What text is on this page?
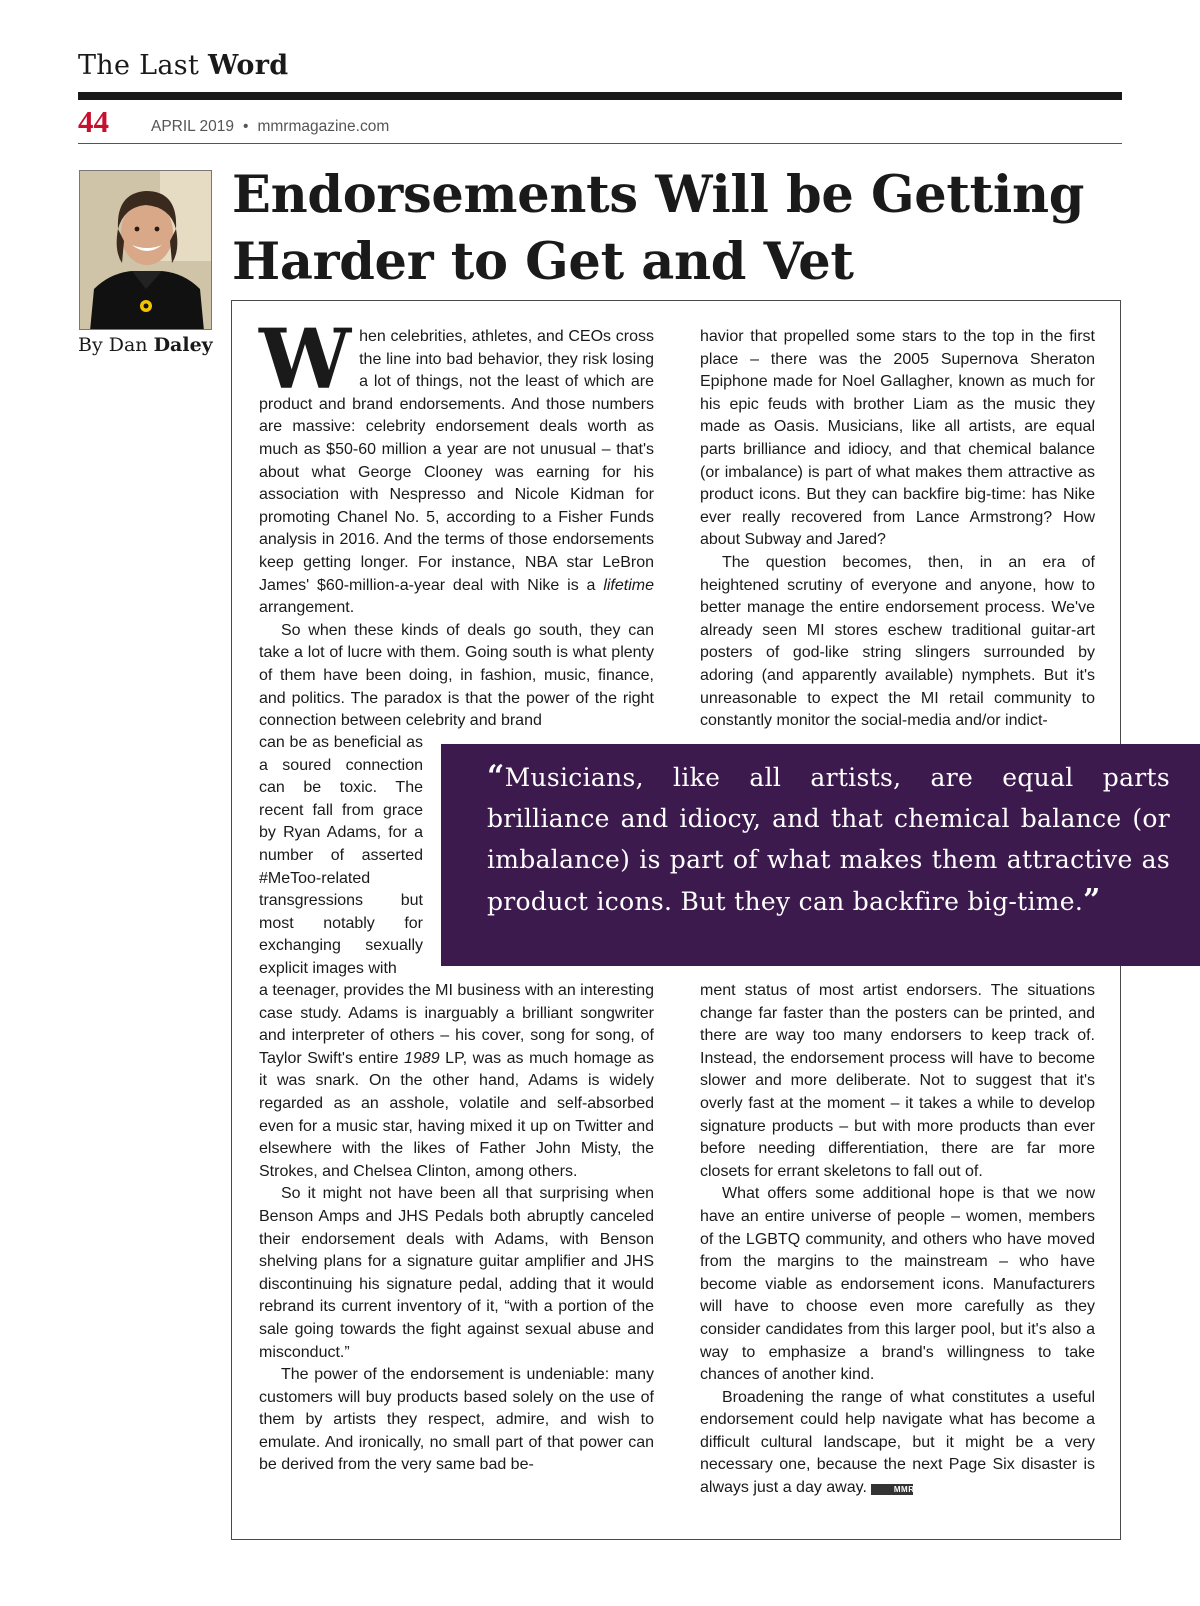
The Last Word
44	APRIL 2019 • mmrmagazine.com
By Dan Daley
Endorsements Will be Getting Harder to Get and Vet

When celebrities, athletes, and CEOs cross the line into bad behavior, they risk losing a lot of things, not the least of which are product and brand endorsements. And those numbers are massive: celebrity endorsement deals worth as much as $50-60 million a year are not unusual – that's about what George Clooney was earning for his association with Nespresso and Nicole Kidman for promoting Chanel No. 5, according to a Fisher Funds analysis in 2016. And the terms of those endorsements keep getting longer. For instance, NBA star LeBron James' $60-million-a-year deal with Nike is a lifetime arrangement.

So when these kinds of deals go south, they can take a lot of lucre with them. Going south is what plenty of them have been doing, in fashion, music, finance, and politics. The paradox is that the power of the right connection between celebrity and brand

can be as beneficial as a soured connection can be toxic. The recent fall from grace by Ryan Adams, for a number of asserted #MeToo-related transgressions but most notably for exchanging sexually explicit images with

a teenager, provides the MI business with an interesting case study. Adams is inarguably a brilliant songwriter and interpreter of others – his cover, song for song, of Taylor Swift's entire 1989 LP, was as much homage as it was snark. On the other hand, Adams is widely regarded as an asshole, volatile and self-absorbed even for a music star, having mixed it up on Twitter and elsewhere with the likes of Father John Misty, the Strokes, and Chelsea Clinton, among others.

So it might not have been all that surprising when Benson Amps and JHS Pedals both abruptly canceled their endorsement deals with Adams, with Benson shelving plans for a signature guitar amplifier and JHS discontinuing his signature pedal, adding that it would rebrand its current inventory of it, “with a portion of the sale going towards the fight against sexual abuse and misconduct.”

The power of the endorsement is undeniable: many customers will buy products based solely on the use of them by artists they respect, admire, and wish to emulate. And ironically, no small part of that power can be derived from the very same bad be-

havior that propelled some stars to the top in the first place – there was the 2005 Supernova Sheraton Epiphone made for Noel Gallagher, known as much for his epic feuds with brother Liam as the music they made as Oasis. Musicians, like all artists, are equal parts brilliance and idiocy, and that chemical balance (or imbalance) is part of what makes them attractive as product icons. But they can backfire big-time: has Nike ever really recovered from Lance Armstrong? How about Subway and Jared?

The question becomes, then, in an era of heightened scrutiny of everyone and anyone, how to better manage the entire endorsement process. We've already seen MI stores eschew traditional guitar-art posters of god-like string slingers surrounded by adoring (and apparently available) nymphets. But it's unreasonable to expect the MI retail community to constantly monitor the social-media and/or indict-

“Musicians, like all artists, are equal parts brilliance and idiocy, and that chemical balance (or imbalance) is part of what makes them attractive as product icons. But they can backfire big-time.”

ment status of most artist endorsers. The situations change far faster than the posters can be printed, and there are way too many endorsers to keep track of. Instead, the endorsement process will have to become slower and more deliberate. Not to suggest that it's overly fast at the moment – it takes a while to develop signature products – but with more products than ever before needing differentiation, there are far more closets for errant skeletons to fall out of.

What offers some additional hope is that we now have an entire universe of people – women, members of the LGBTQ community, and others who have moved from the margins to the mainstream – who have become viable as endorsement icons. Manufacturers will have to choose even more carefully as they consider candidates from this larger pool, but it's also a way to emphasize a brand's willingness to take chances of another kind.

Broadening the range of what constitutes a useful endorsement could help navigate what has become a difficult cultural landscape, but it might be a very necessary one, because the next Page Six disaster is always just a day away.	MMR
